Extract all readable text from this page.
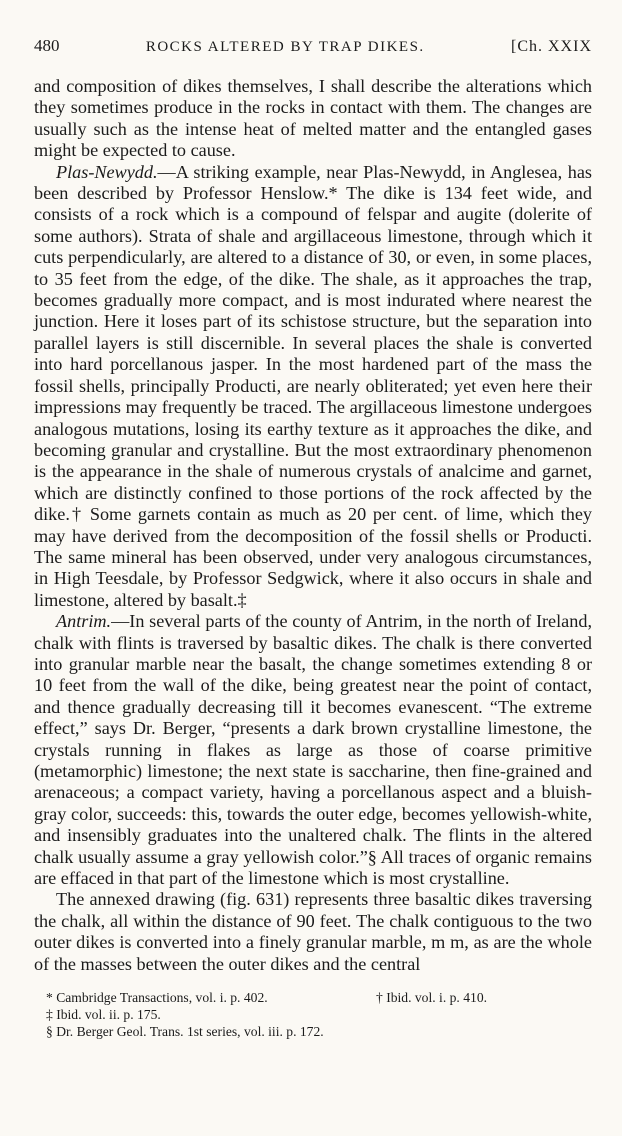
480	ROCKS ALTERED BY TRAP DIKES.	[Ch. XXIX

and composition of dikes themselves, I shall describe the alterations which they sometimes produce in the rocks in contact with them. The changes are usually such as the intense heat of melted matter and the entangled gases might be expected to cause.

Plas-Newydd.—A striking example, near Plas-Newydd, in Anglesea, has been described by Professor Henslow.* The dike is 134 feet wide, and consists of a rock which is a compound of felspar and augite (dolerite of some authors). Strata of shale and argillaceous limestone, through which it cuts perpendicularly, are altered to a distance of 30, or even, in some places, to 35 feet from the edge, of the dike. The shale, as it approaches the trap, becomes gradually more compact, and is most indurated where nearest the junction. Here it loses part of its schistose structure, but the separation into parallel layers is still discernible. In several places the shale is converted into hard porcellanous jasper. In the most hardened part of the mass the fossil shells, principally Producti, are nearly obliterated; yet even here their impressions may frequently be traced. The argillaceous limestone undergoes analogous mutations, losing its earthy texture as it approaches the dike, and becoming granular and crystalline. But the most extraordinary phenomenon is the appearance in the shale of numerous crystals of analcime and garnet, which are distinctly confined to those portions of the rock affected by the dike.† Some garnets contain as much as 20 per cent. of lime, which they may have derived from the decomposition of the fossil shells or Producti. The same mineral has been observed, under very analogous circumstances, in High Teesdale, by Professor Sedgwick, where it also occurs in shale and limestone, altered by basalt.‡

Antrim.—In several parts of the county of Antrim, in the north of Ireland, chalk with flints is traversed by basaltic dikes. The chalk is there converted into granular marble near the basalt, the change sometimes extending 8 or 10 feet from the wall of the dike, being greatest near the point of contact, and thence gradually decreasing till it becomes evanescent. “The extreme effect,” says Dr. Berger, “presents a dark brown crystalline limestone, the crystals running in flakes as large as those of coarse primitive (metamorphic) limestone; the next state is saccharine, then fine-grained and arenaceous; a compact variety, having a porcellanous aspect and a bluish-gray color, succeeds: this, towards the outer edge, becomes yellowish-white, and insensibly graduates into the unaltered chalk. The flints in the altered chalk usually assume a gray yellowish color.”§ All traces of organic remains are effaced in that part of the limestone which is most crystalline.

The annexed drawing (fig. 631) represents three basaltic dikes traversing the chalk, all within the distance of 90 feet. The chalk contiguous to the two outer dikes is converted into a finely granular marble, m m, as are the whole of the masses between the outer dikes and the central

* Cambridge Transactions, vol. i. p. 402.	† Ibid. vol. i. p. 410.
‡ Ibid. vol. ii. p. 175.
§ Dr. Berger Geol. Trans. 1st series, vol. iii. p. 172.
